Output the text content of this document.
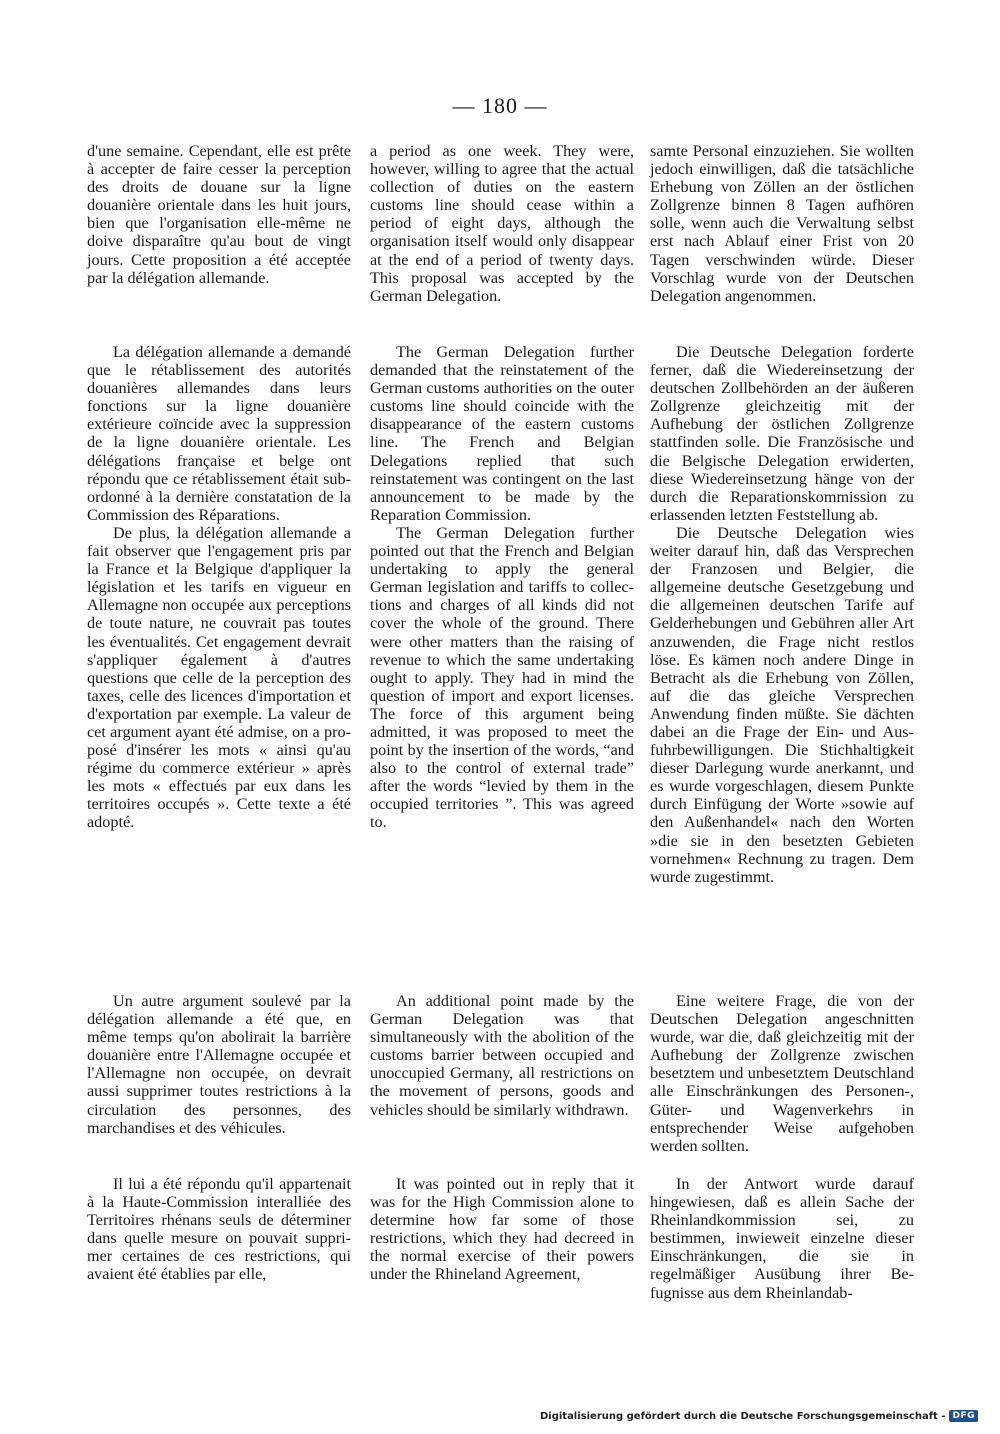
— 180 —

d'une semaine. Cependant, elle est prête à accepter de faire cesser la perception des droits de douane sur la ligne douanière orientale dans les huit jours, bien que l'organisation elle-même ne doive disparaître qu'au bout de vingt jours. Cette proposition a été acceptée par la délégation allemande.

La délégation allemande a demandé que le rétablissement des autorités douanières allemandes dans leurs fonctions sur la ligne douanière extérieure coïncide avec la suppression de la ligne douanière orientale. Les délégations française et belge ont répondu que ce rétablissement était subordonné à la dernière constatation de la Commission des Réparations.

De plus, la délégation allemande a fait observer que l'engagement pris par la France et la Belgique d'appliquer la législation et les tarifs en vigueur en Allemagne non occupée aux perceptions de toute nature, ne couvrait pas toutes les éventualités. Cet engagement devrait s'appliquer également à d'autres questions que celle de la perception des taxes, celle des licences d'importation et d'exportation par exemple. La valeur de cet argument ayant été admise, on a proposé d'insérer les mots « ainsi qu'au régime du commerce extérieur » après les mots « effectués par eux dans les territoires occupés ». Cette texte a été adopté.

Un autre argument soulevé par la délégation allemande a été que, en même temps qu'on abolirait la barrière douanière entre l'Allemagne occupée et l'Allemagne non occupée, on devrait aussi supprimer toutes restrictions à la circulation des personnes, des marchandises et des véhicules.

Il lui a été répondu qu'il appartenait à la Haute-Commission interalliée des Territoires rhénans seuls de déterminer dans quelle mesure on pouvait supprimer certaines de ces restrictions, qui avaient été établies par elle,

a period as one week. They were, however, willing to agree that the actual collection of duties on the eastern customs line should cease within a period of eight days, although the organisation itself would only disappear at the end of a period of twenty days. This proposal was accepted by the German Delegation.

The German Delegation further demanded that the reinstatement of the German customs authorities on the outer customs line should coincide with the disappearance of the eastern customs line. The French and Belgian Delegations replied that such reinstatement was contingent on the last announcement to be made by the Reparation Commission.

The German Delegation further pointed out that the French and Belgian undertaking to apply the general German legislation and tariffs to collections and charges of all kinds did not cover the whole of the ground. There were other matters than the raising of revenue to which the same undertaking ought to apply. They had in mind the question of import and export licenses. The force of this argument being admitted, it was proposed to meet the point by the insertion of the words, “and also to the control of external trade” after the words “levied by them in the occupied territories ”. This was agreed to.

An additional point made by the German Delegation was that simultaneously with the abolition of the customs barrier between occupied and unoccupied Germany, all restrictions on the movement of persons, goods and vehicles should be similarly withdrawn.

It was pointed out in reply that it was for the High Commission alone to determine how far some of those restrictions, which they had decreed in the normal exercise of their powers under the Rhineland Agreement,

samte Personal einzuziehen. Sie wollten jedoch einwilligen, daß die tatsächliche Erhebung von Zöllen an der östlichen Zollgrenze binnen 8 Tagen aufhören solle, wenn auch die Verwaltung selbst erst nach Ablauf einer Frist von 20 Tagen verschwinden würde. Dieser Vorschlag wurde von der Deutschen Delegation angenommen.

Die Deutsche Delegation forderte ferner, daß die Wiedereinsetzung der deutschen Zollbehörden an der äußeren Zollgrenze gleichzeitig mit der Aufhebung der östlichen Zollgrenze stattfinden solle. Die Französische und die Belgische Delegation erwiderten, diese Wiedereinsetzung hänge von der durch die Reparationskommission zu erlassenden letzten Feststellung ab.

Die Deutsche Delegation wies weiter darauf hin, daß das Versprechen der Franzosen und Belgier, die allgemeine deutsche Gesetzgebung und die allgemeinen deutschen Tarife auf Gelderhebungen und Gebühren aller Art anzuwenden, die Frage nicht restlos löse. Es kämen noch andere Dinge in Betracht als die Erhebung von Zöllen, auf die das gleiche Versprechen Anwendung finden müßte. Sie dächten dabei an die Frage der Ein- und Ausfuhrbewilligungen. Die Stichhaltigkeit dieser Darlegung wurde anerkannt, und es wurde vorgeschlagen, diesem Punkte durch Einfügung der Worte »sowie auf den Außenhandel« nach den Worten »die sie in den besetzten Gebieten vornehmen« Rechnung zu tragen. Dem wurde zugestimmt.

Eine weitere Frage, die von der Deutschen Delegation angeschnitten wurde, war die, daß gleichzeitig mit der Aufhebung der Zollgrenze zwischen besetztem und unbesetztem Deutschland alle Einschränkungen des Personen-, Güter- und Wagenverkehrs in entsprechender Weise aufgehoben werden sollten.

In der Antwort wurde darauf hingewiesen, daß es allein Sache der Rheinlandkommission sei, zu bestimmen, inwieweit einzelne dieser Einschränkungen, die sie in regelmäßiger Ausübung ihrer Befugnisse aus dem Rheinlandab-

Digitalisierung gefördert durch die Deutsche Forschungsgemeinschaft - DFG
